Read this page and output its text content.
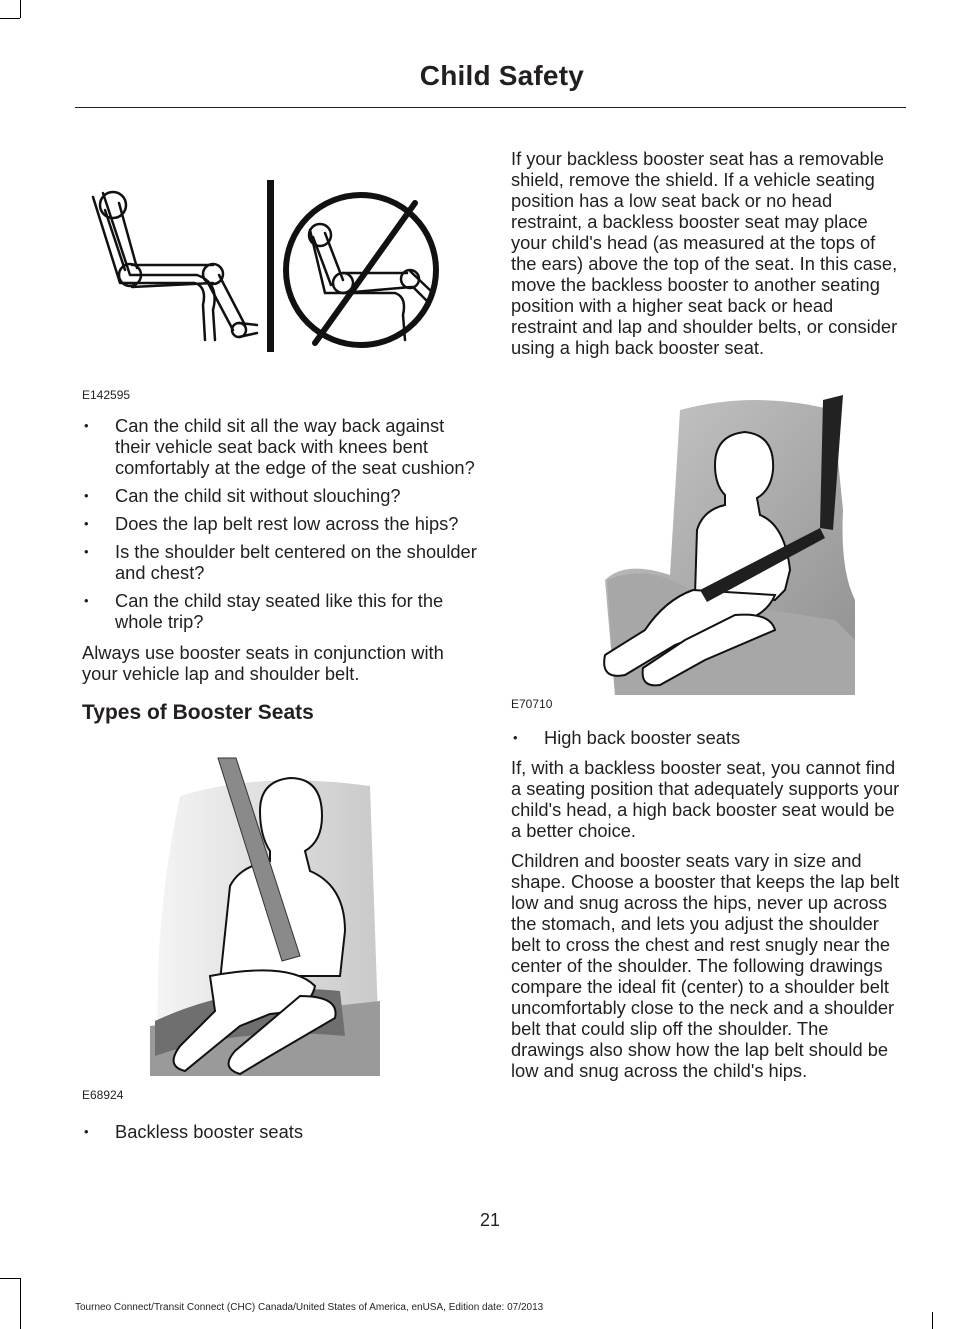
Child Safety
E142595
• Can the child sit all the way back against their vehicle seat back with knees bent comfortably at the edge of the seat cushion?
• Can the child sit without slouching?
• Does the lap belt rest low across the hips?
• Is the shoulder belt centered on the shoulder and chest?
• Can the child stay seated like this for the whole trip?

Always use booster seats in conjunction with your vehicle lap and shoulder belt.

Types of Booster Seats
E68924
• Backless booster seats

If your backless booster seat has a removable shield, remove the shield. If a vehicle seating position has a low seat back or no head restraint, a backless booster seat may place your child's head (as measured at the tops of the ears) above the top of the seat. In this case, move the backless booster to another seating position with a higher seat back or head restraint and lap and shoulder belts, or consider using a high back booster seat.

E70710
• High back booster seats

If, with a backless booster seat, you cannot find a seating position that adequately supports your child's head, a high back booster seat would be a better choice.

Children and booster seats vary in size and shape. Choose a booster that keeps the lap belt low and snug across the hips, never up across the stomach, and lets you adjust the shoulder belt to cross the chest and rest snugly near the center of the shoulder. The following drawings compare the ideal fit (center) to a shoulder belt uncomfortably close to the neck and a shoulder belt that could slip off the shoulder. The drawings also show how the lap belt should be low and snug across the child's hips.

21
Tourneo Connect/Transit Connect (CHC) Canada/United States of America, enUSA, Edition date: 07/2013
